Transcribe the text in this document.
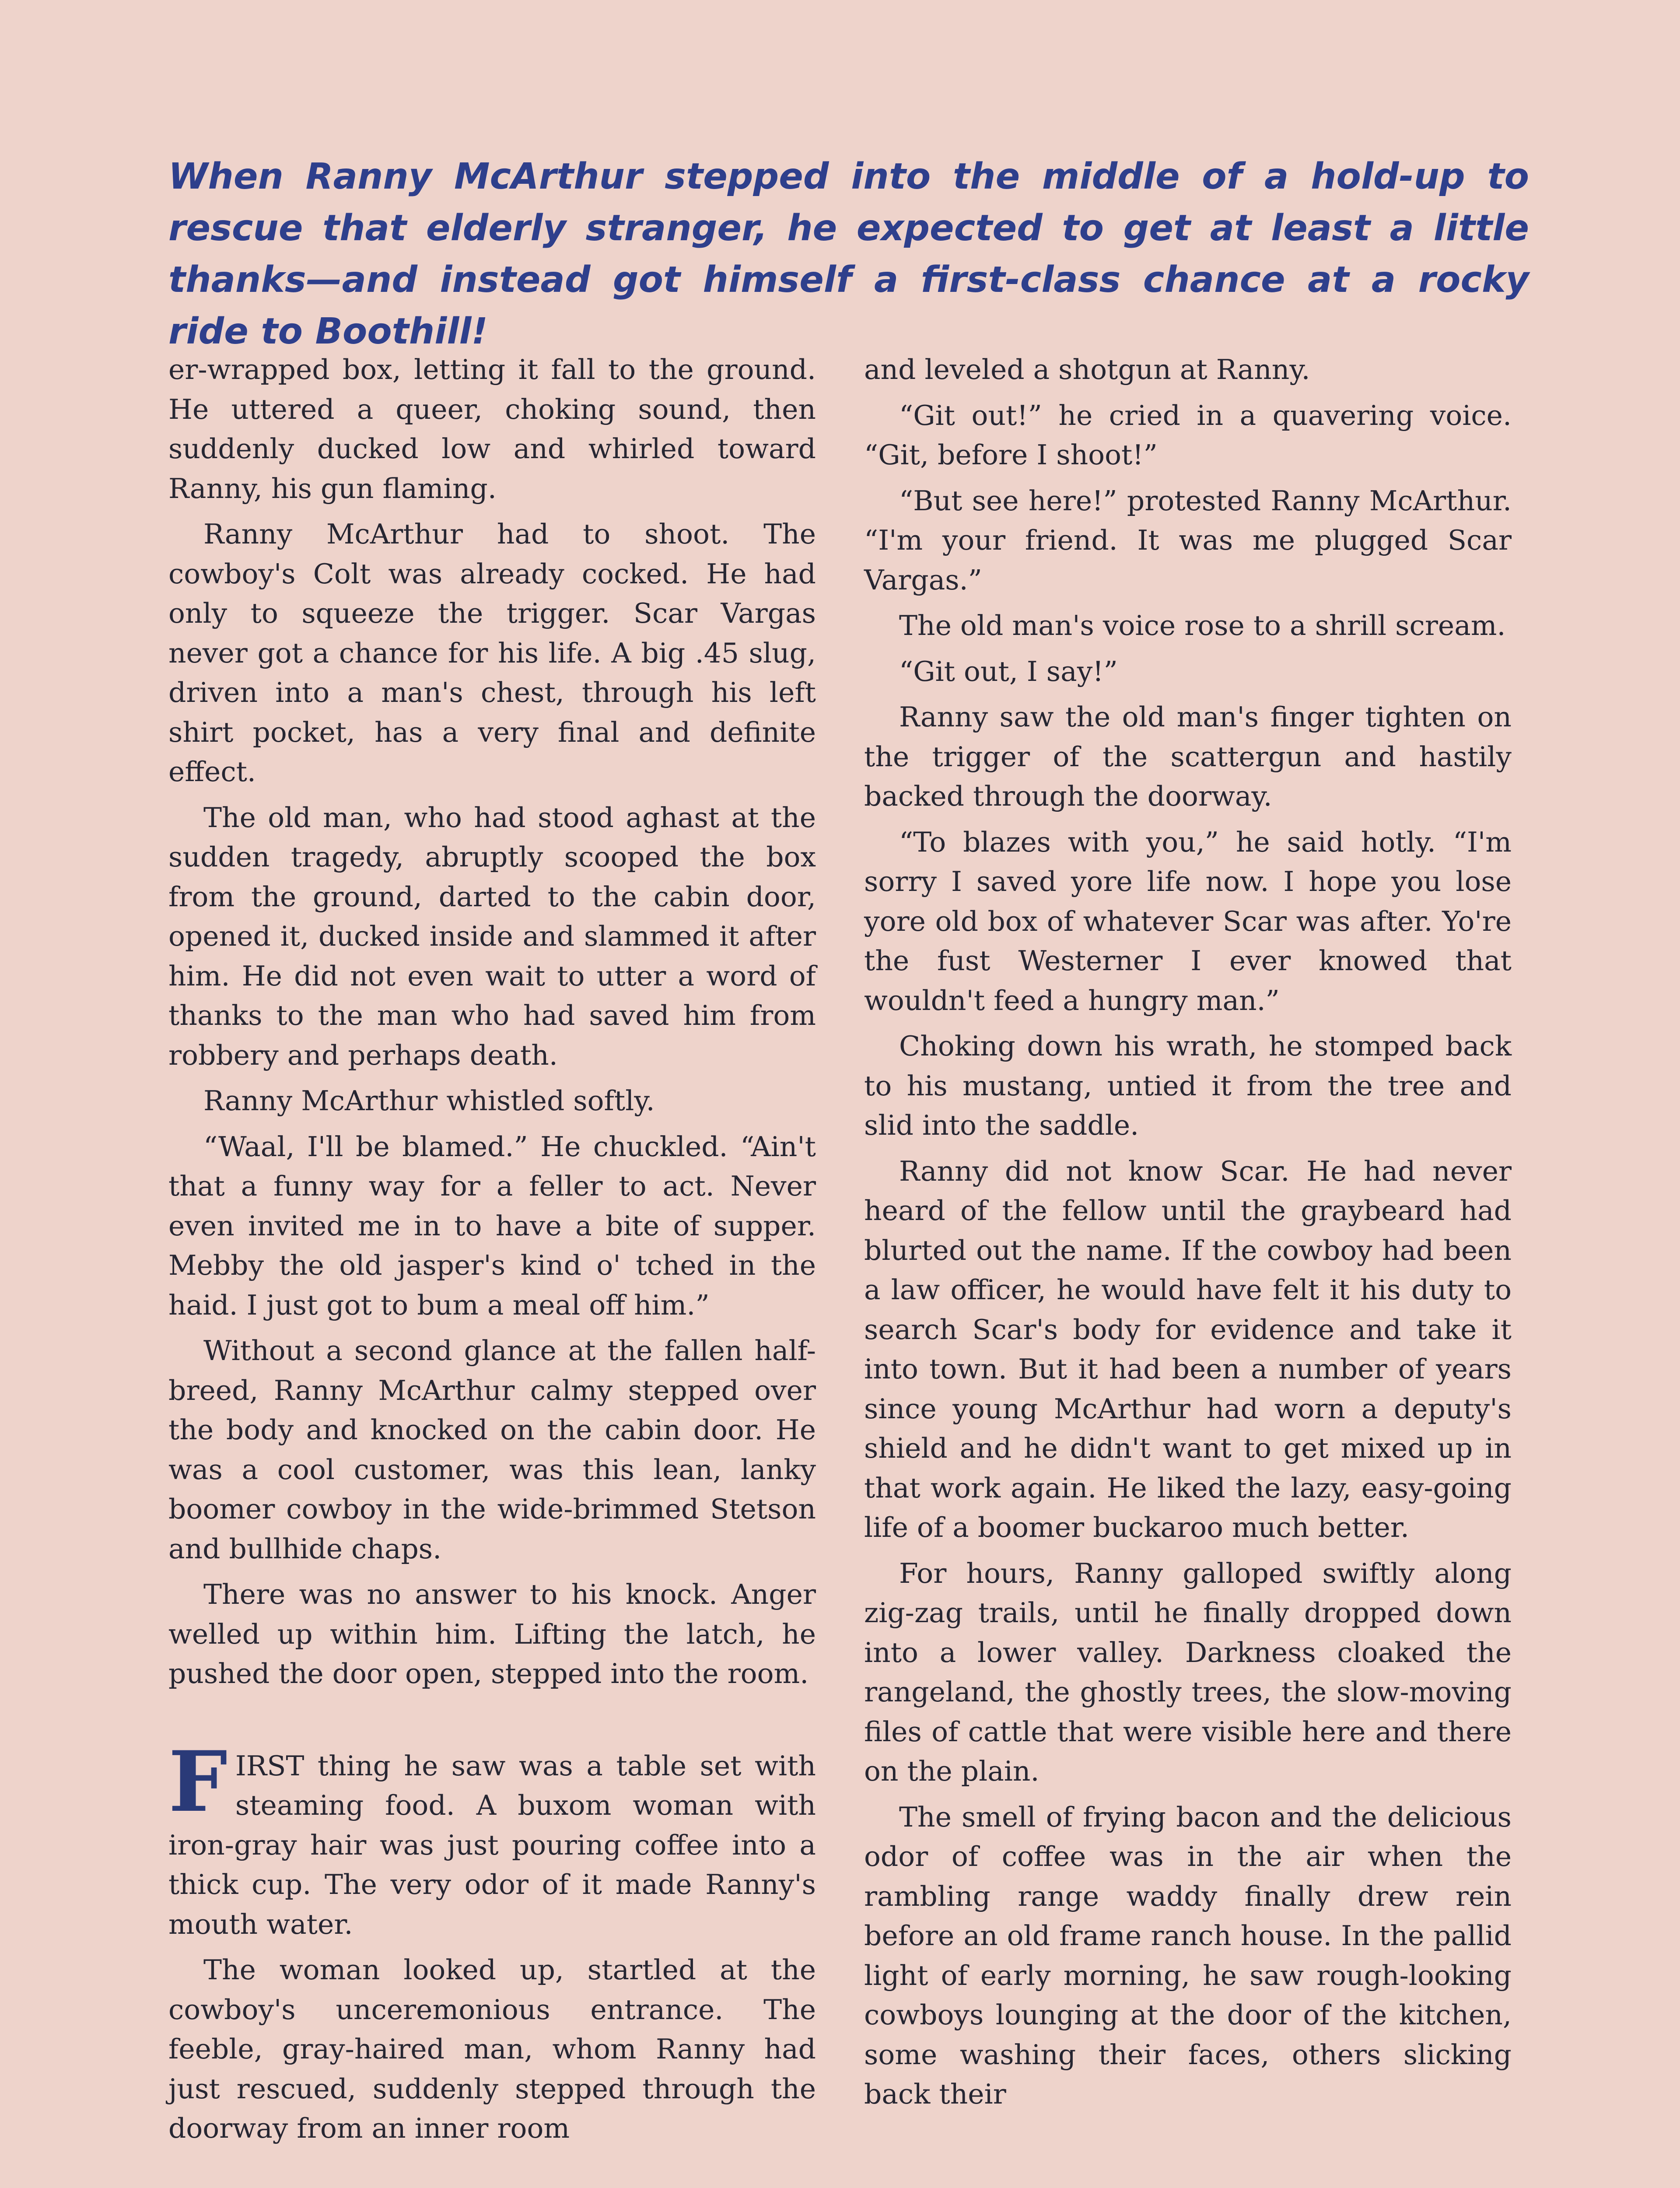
When Ranny McArthur stepped into the middle of a hold-up to rescue that elderly stranger, he expected to get at least a little thanks—and instead got himself a first-class chance at a rocky ride to Boothill!

er-wrapped box, letting it fall to the ground. He uttered a queer, choking sound, then suddenly ducked low and whirled toward Ranny, his gun flaming.

Ranny McArthur had to shoot. The cowboy's Colt was already cocked. He had only to squeeze the trigger. Scar Vargas never got a chance for his life. A big .45 slug, driven into a man's chest, through his left shirt pocket, has a very final and definite effect.

The old man, who had stood aghast at the sudden tragedy, abruptly scooped the box from the ground, darted to the cabin door, opened it, ducked inside and slammed it after him. He did not even wait to utter a word of thanks to the man who had saved him from robbery and perhaps death.

Ranny McArthur whistled softly.

“Waal, I'll be blamed.” He chuckled. “Ain't that a funny way for a feller to act. Never even invited me in to have a bite of supper. Mebby the old jasper's kind o' tched in the haid. I just got to bum a meal off him.”

Without a second glance at the fallen half-breed, Ranny McArthur calmy stepped over the body and knocked on the cabin door. He was a cool customer, was this lean, lanky boomer cowboy in the wide-brimmed Stetson and bullhide chaps.

There was no answer to his knock. Anger welled up within him. Lifting the latch, he pushed the door open, stepped into the room.

FIRST thing he saw was a table set with steaming food. A buxom woman with iron-gray hair was just pouring coffee into a thick cup. The very odor of it made Ranny's mouth water.

The woman looked up, startled at the cowboy's unceremonious entrance. The feeble, gray-haired man, whom Ranny had just rescued, suddenly stepped through the doorway from an inner room

and leveled a shotgun at Ranny.

“Git out!” he cried in a quavering voice. “Git, before I shoot!”

“But see here!” protested Ranny McArthur. “I'm your friend. It was me plugged Scar Vargas.”

The old man's voice rose to a shrill scream.

“Git out, I say!”

Ranny saw the old man's finger tighten on the trigger of the scattergun and hastily backed through the doorway.

“To blazes with you,” he said hotly. “I'm sorry I saved yore life now. I hope you lose yore old box of whatever Scar was after. Yo're the fust Westerner I ever knowed that wouldn't feed a hungry man.”

Choking down his wrath, he stomped back to his mustang, untied it from the tree and slid into the saddle.

Ranny did not know Scar. He had never heard of the fellow until the graybeard had blurted out the name. If the cowboy had been a law officer, he would have felt it his duty to search Scar's body for evidence and take it into town. But it had been a number of years since young McArthur had worn a deputy's shield and he didn't want to get mixed up in that work again. He liked the lazy, easy-going life of a boomer buckaroo much better.

For hours, Ranny galloped swiftly along zig-zag trails, until he finally dropped down into a lower valley. Darkness cloaked the rangeland, the ghostly trees, the slow-moving files of cattle that were visible here and there on the plain.

The smell of frying bacon and the delicious odor of coffee was in the air when the rambling range waddy finally drew rein before an old frame ranch house. In the pallid light of early morning, he saw rough-looking cowboys lounging at the door of the kitchen, some washing their faces, others slicking back their
